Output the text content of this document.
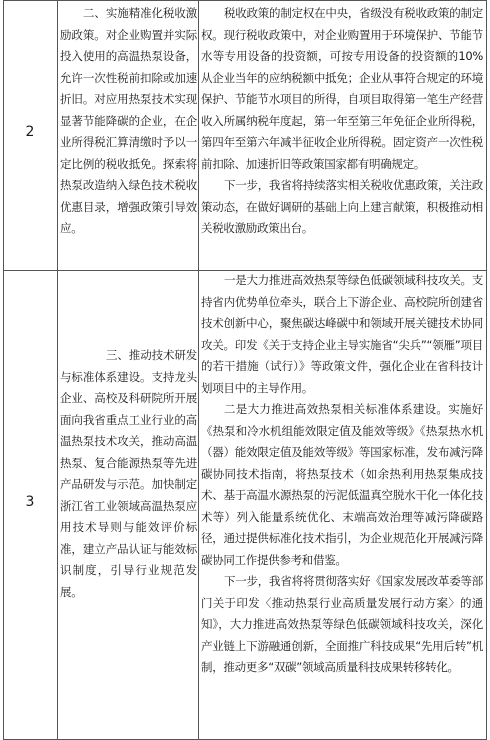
2
二、实施精准化税收激励政策。对企业购置并实际投入使用的高温热泵设备，允许一次性税前扣除或加速折旧。对应用热泵技术实现显著节能降碳的企业，在企业所得税汇算清缴时予以一定比例的税收抵免。探索将热泵改造纳入绿色技术税收优惠目录，增强政策引导效应。

税收政策的制定权在中央，省级没有税收政策的制定权。现行税收政策中，对企业购置用于环境保护、节能节水等专用设备的投资额，可按专用设备的投资额的10%从企业当年的应纳税额中抵免；企业从事符合规定的环境保护、节能节水项目的所得，自项目取得第一笔生产经营收入所属纳税年度起，第一年至第三年免征企业所得税，第四年至第六年减半征收企业所得税。固定资产一次性税前扣除、加速折旧等政策国家都有明确规定。

下一步，我省将持续落实相关税收优惠政策，关注政策动态，在做好调研的基础上向上建言献策，积极推动相关税收激励政策出台。

3
三、推动技术研发与标准体系建设。支持龙头企业、高校及科研院所开展面向我省重点工业行业的高温热泵技术攻关，推动高温热泵、复合能源热泵等先进产品研发与示范。加快制定浙江省工业领域高温热泵应用技术导则与能效评价标准，建立产品认证与能效标识制度，引导行业规范发展。

一是大力推进高效热泵等绿色低碳领域科技攻关。支持省内优势单位牵头，联合上下游企业、高校院所创建省技术创新中心，聚焦碳达峰碳中和领域开展关键技术协同攻关。印发《关于支持企业主导实施省“尖兵”“领雁”项目的若干措施（试行）》等政策文件，强化企业在省科技计划项目中的主导作用。

二是大力推进高效热泵相关标准体系建设。实施好《热泵和冷水机组能效限定值及能效等级》《热泵热水机（器）能效限定值及能效等级》等国家标准，发布减污降碳协同技术指南，将热泵技术（如余热利用热泵集成技术、基于高温水源热泵的污泥低温真空脱水干化一体化技术等）列入能量系统优化、末端高效治理等减污降碳路径，通过提供标准化技术指引，为企业规范化开展减污降碳协同工作提供参考和借鉴。

下一步，我省将将贯彻落实好《国家发展改革委等部门关于印发〈推动热泵行业高质量发展行动方案〉的通知》，大力推进高效热泵等绿色低碳领域科技攻关，深化产业链上下游融通创新，全面推广科技成果“先用后转”机制，推动更多“双碳”领域高质量科技成果转移转化。
